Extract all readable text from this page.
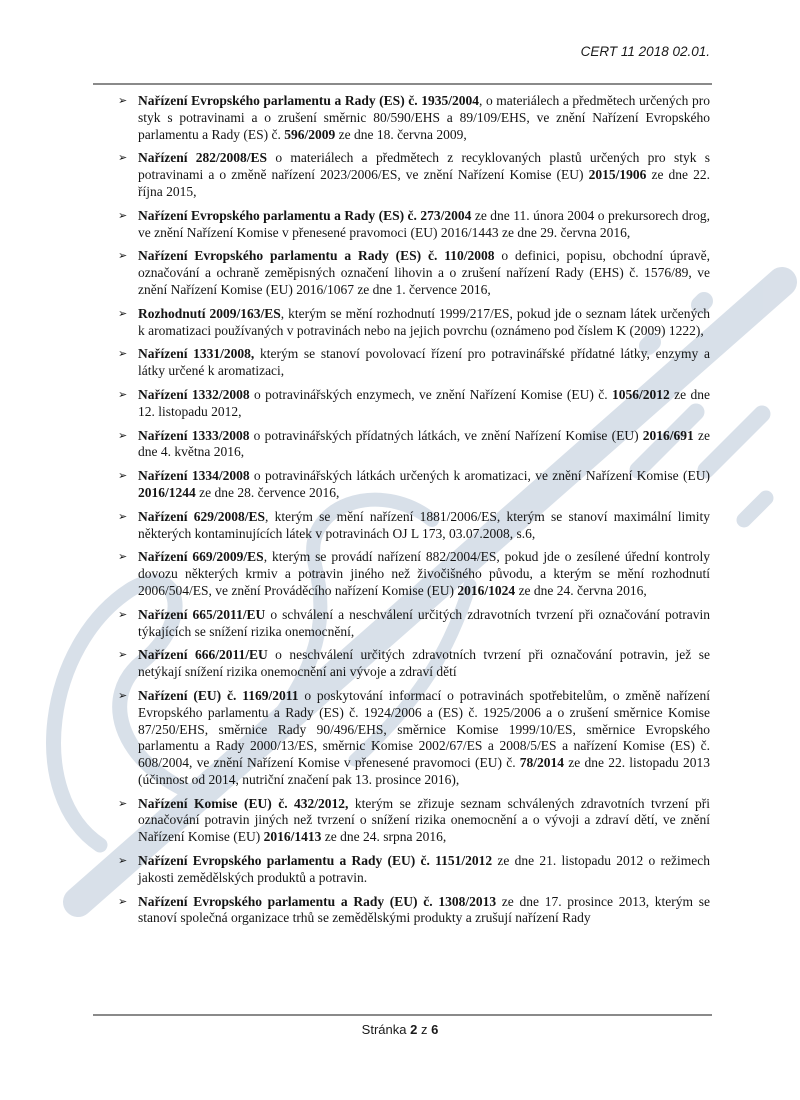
CERT 11 2018 02.01.
➢ Nařízení Evropského parlamentu a Rady (ES) č. 1935/2004, o materiálech a předmětech určených pro styk s potravinami a o zrušení směrnic 80/590/EHS a 89/109/EHS, ve znění Nařízení Evropského parlamentu a Rady (ES) č. 596/2009 ze dne 18. června 2009,
➢ Nařízení 282/2008/ES o materiálech a předmětech z recyklovaných plastů určených pro styk s potravinami a o změně nařízení 2023/2006/ES, ve znění Nařízení Komise (EU) 2015/1906 ze dne 22. října 2015,
➢ Nařízení Evropského parlamentu a Rady (ES) č. 273/2004 ze dne 11. února 2004 o prekursorech drog, ve znění Nařízení Komise v přenesené pravomoci (EU) 2016/1443 ze dne 29. června 2016,
➢ Nařízení Evropského parlamentu a Rady (ES) č. 110/2008 o definici, popisu, obchodní úpravě, označování a ochraně zeměpisných označení lihovin a o zrušení nařízení Rady (EHS) č. 1576/89, ve znění Nařízení Komise (EU) 2016/1067 ze dne 1. července 2016,
➢ Rozhodnutí 2009/163/ES, kterým se mění rozhodnutí 1999/217/ES, pokud jde o seznam látek určených k aromatizaci používaných v potravinách nebo na jejich povrchu (oznámeno pod číslem K (2009) 1222),
➢ Nařízení 1331/2008, kterým se stanoví povolovací řízení pro potravinářské přídatné látky, enzymy a látky určené k aromatizaci,
➢ Nařízení 1332/2008 o potravinářských enzymech, ve znění Nařízení Komise (EU) č. 1056/2012 ze dne 12. listopadu 2012,
➢ Nařízení 1333/2008 o potravinářských přídatných látkách, ve znění Nařízení Komise (EU) 2016/691 ze dne 4. května 2016,
➢ Nařízení 1334/2008 o potravinářských látkách určených k aromatizaci, ve znění Nařízení Komise (EU) 2016/1244 ze dne 28. července 2016,
➢ Nařízení 629/2008/ES, kterým se mění nařízení 1881/2006/ES, kterým se stanoví maximální limity některých kontaminujících látek v potravinách OJ L 173, 03.07.2008, s.6,
➢ Nařízení 669/2009/ES, kterým se provádí nařízení 882/2004/ES, pokud jde o zesílené úřední kontroly dovozu některých krmiv a potravin jiného než živočišného původu, a kterým se mění rozhodnutí 2006/504/ES, ve znění Prováděcího nařízení Komise (EU) 2016/1024 ze dne 24. června 2016,
➢ Nařízení 665/2011/EU o schválení a neschválení určitých zdravotních tvrzení při označování potravin týkajících se snížení rizika onemocnění,
➢ Nařízení 666/2011/EU o neschválení určitých zdravotních tvrzení při označování potravin, jež se netýkají snížení rizika onemocnění ani vývoje a zdraví dětí
➢ Nařízení (EU) č. 1169/2011 o poskytování informací o potravinách spotřebitelům, o změně nařízení Evropského parlamentu a Rady (ES) č. 1924/2006 a (ES) č. 1925/2006 a o zrušení směrnice Komise 87/250/EHS, směrnice Rady 90/496/EHS, směrnice Komise 1999/10/ES, směrnice Evropského parlamentu a Rady 2000/13/ES, směrnic Komise 2002/67/ES a 2008/5/ES a nařízení Komise (ES) č. 608/2004, ve znění Nařízení Komise v přenesené pravomoci (EU) č. 78/2014 ze dne 22. listopadu 2013 (účinnost od 2014, nutriční značení pak 13. prosince 2016),
➢ Nařízení Komise (EU) č. 432/2012, kterým se zřizuje seznam schválených zdravotních tvrzení při označování potravin jiných než tvrzení o snížení rizika onemocnění a o vývoji a zdraví dětí, ve znění Nařízení Komise (EU) 2016/1413 ze dne 24. srpna 2016,
➢ Nařízení Evropského parlamentu a Rady (EU) č. 1151/2012 ze dne 21. listopadu 2012 o režimech jakosti zemědělských produktů a potravin.
➢ Nařízení Evropského parlamentu a Rady (EU) č. 1308/2013 ze dne 17. prosince 2013, kterým se stanoví společná organizace trhů se zemědělskými produkty a zrušují nařízení Rady
Stránka 2 z 6
